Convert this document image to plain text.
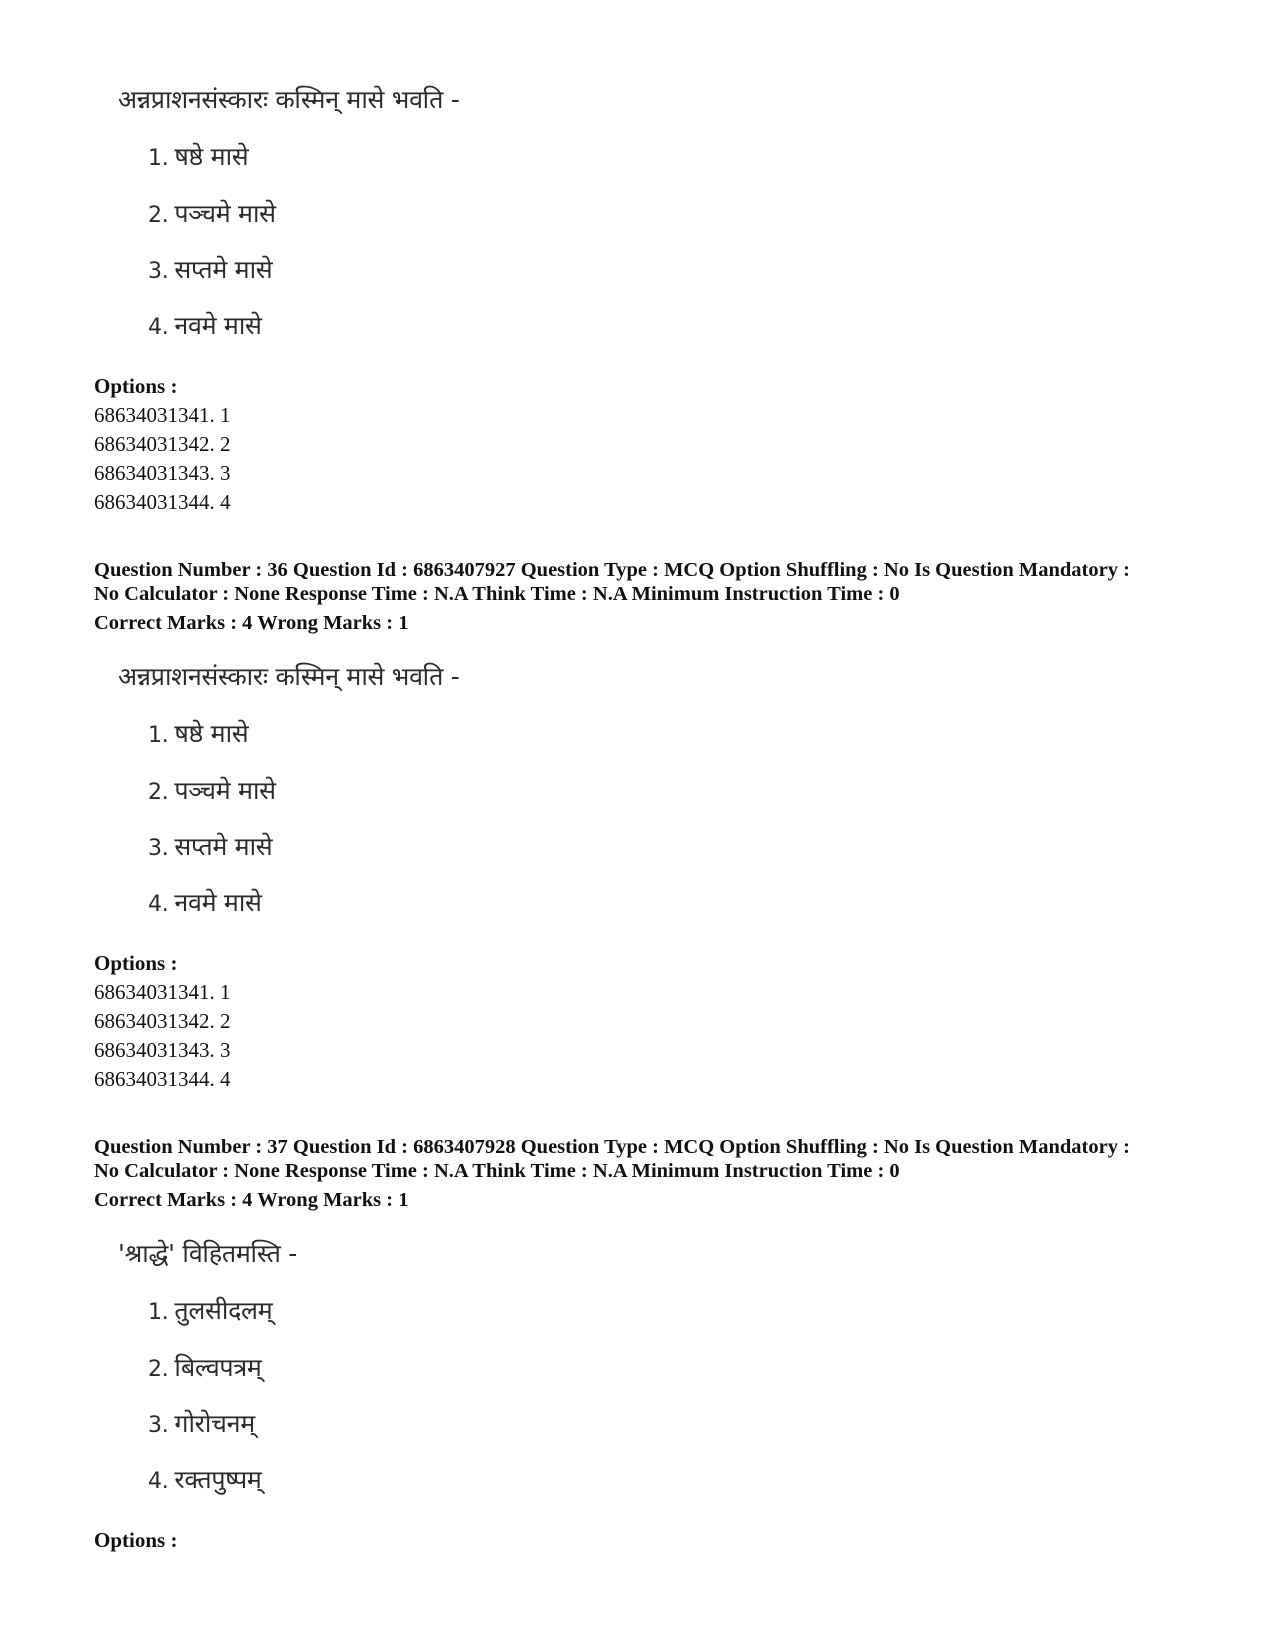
अन्नप्राशनसंस्कारः कस्मिन् मासे भवति -
1. षष्ठे मासे
2. पञ्चमे मासे
3. सप्तमे मासे
4. नवमे मासे
Options :
68634031341. 1
68634031342. 2
68634031343. 3
68634031344. 4
Question Number : 36 Question Id : 6863407927 Question Type : MCQ Option Shuffling : No Is Question Mandatory :
No Calculator : None Response Time : N.A Think Time : N.A Minimum Instruction Time : 0
Correct Marks : 4 Wrong Marks : 1
अन्नप्राशनसंस्कारः कस्मिन् मासे भवति -
1. षष्ठे मासे
2. पञ्चमे मासे
3. सप्तमे मासे
4. नवमे मासे
Options :
68634031341. 1
68634031342. 2
68634031343. 3
68634031344. 4
Question Number : 37 Question Id : 6863407928 Question Type : MCQ Option Shuffling : No Is Question Mandatory :
No Calculator : None Response Time : N.A Think Time : N.A Minimum Instruction Time : 0
Correct Marks : 4 Wrong Marks : 1
'श्राद्धे' विहितमस्ति -
1. तुलसीदलम्
2. बिल्वपत्रम्
3. गोरोचनम्
4. रक्तपुष्पम्
Options :
